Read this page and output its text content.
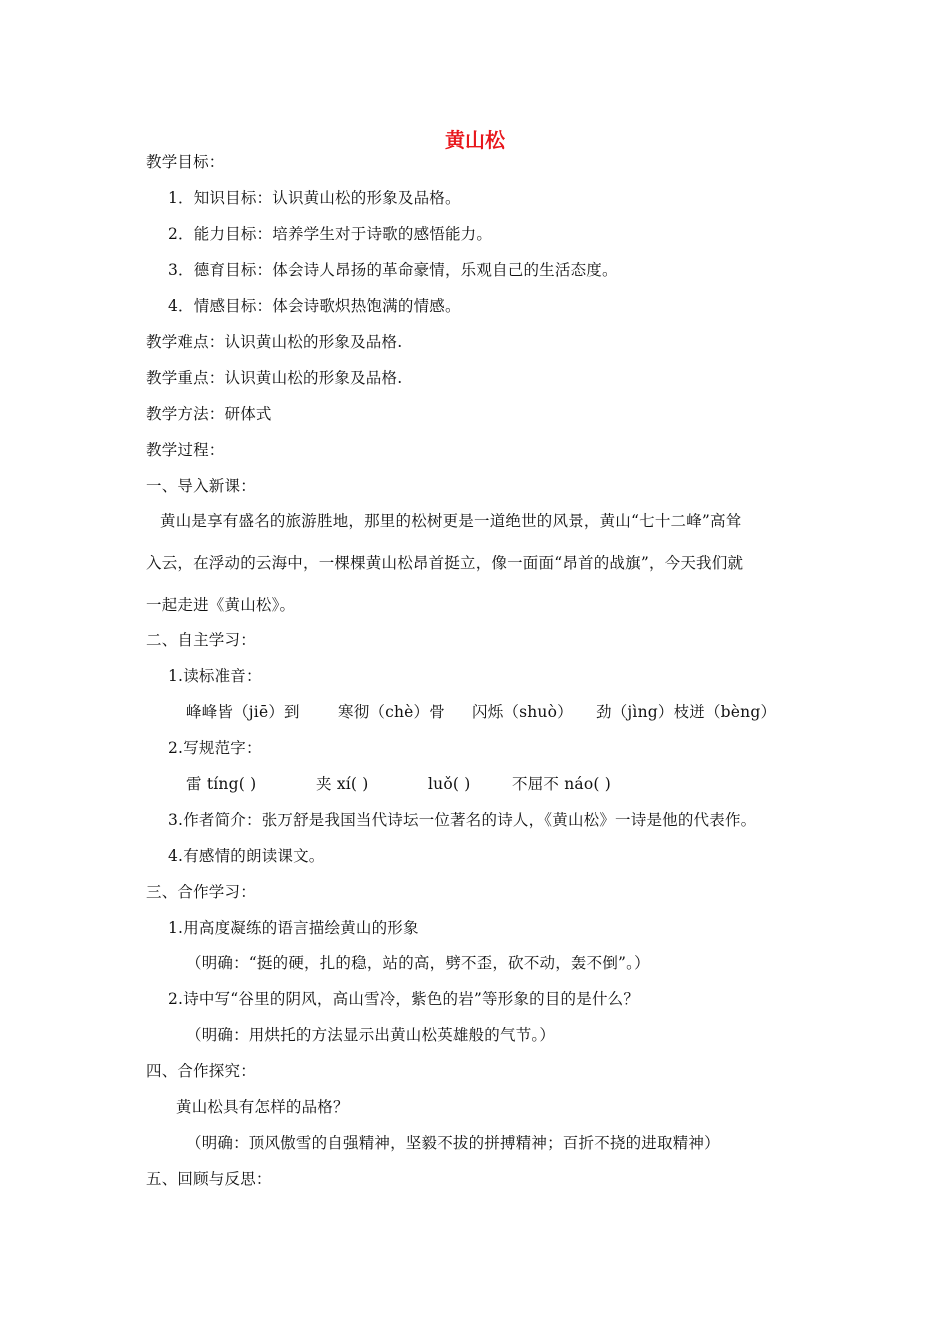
黄山松
教学目标：
1．知识目标：认识黄山松的形象及品格。
2．能力目标：培养学生对于诗歌的感悟能力。
3．德育目标：体会诗人昂扬的革命豪情，乐观自己的生活态度。
4．情感目标：体会诗歌炽热饱满的情感。
教学难点：认识黄山松的形象及品格.
教学重点：认识黄山松的形象及品格.
教学方法：研体式
教学过程：
一、导入新课：
黄山是享有盛名的旅游胜地，那里的松树更是一道绝世的风景，黄山“七十二峰”高耸
入云，在浮动的云海中，一棵棵黄山松昂首挺立，像一面面“昂首的战旗”，今天我们就
一起走进《黄山松》。
二、自主学习：
1.读标准音：
峰峰皆（jiē）到 寒彻（chè）骨 闪烁（shuò） 劲（jìng）枝迸（bèng）
2.写规范字：
雷 tíng( )	夹 xí( )	luǒ( )	不屈不 náo( )
3.作者简介：张万舒是我国当代诗坛一位著名的诗人，《黄山松》一诗是他的代表作。
4.有感情的朗读课文。
三、合作学习：
1.用高度凝练的语言描绘黄山的形象
（明确：“挺的硬，扎的稳，站的高，劈不歪，砍不动，轰不倒”。）
2.诗中写“谷里的阴风，高山雪冷，紫色的岩”等形象的目的是什么？
（明确：用烘托的方法显示出黄山松英雄般的气节。）
四、合作探究：
黄山松具有怎样的品格？
（明确：顶风傲雪的自强精神，坚毅不拔的拼搏精神；百折不挠的进取精神）
五、回顾与反思：
